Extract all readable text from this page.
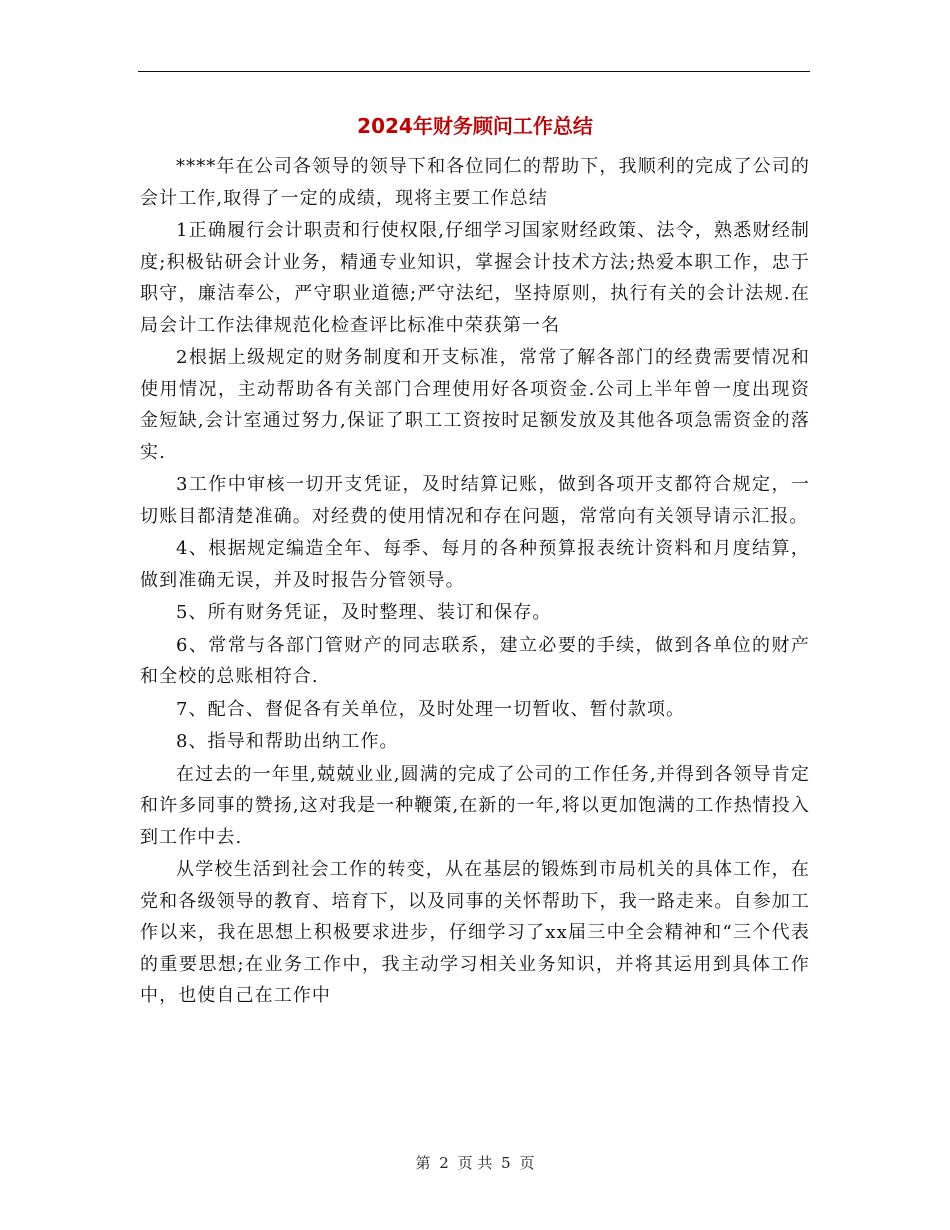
2024年财务顾问工作总结

****年在公司各领导的领导下和各位同仁的帮助下，我顺利的完成了公司的会计工作,取得了一定的成绩，现将主要工作总结

1正确履行会计职责和行使权限,仔细学习国家财经政策、法令，熟悉财经制度;积极钻研会计业务，精通专业知识，掌握会计技术方法;热爱本职工作，忠于职守，廉洁奉公，严守职业道德;严守法纪，坚持原则，执行有关的会计法规.在局会计工作法律规范化检查评比标准中荣获第一名

2根据上级规定的财务制度和开支标准，常常了解各部门的经费需要情况和使用情况，主动帮助各有关部门合理使用好各项资金.公司上半年曾一度出现资金短缺,会计室通过努力,保证了职工工资按时足额发放及其他各项急需资金的落实.

3工作中审核一切开支凭证，及时结算记账，做到各项开支都符合规定，一切账目都清楚准确。对经费的使用情况和存在问题，常常向有关领导请示汇报。

4、根据规定编造全年、每季、每月的各种预算报表统计资料和月度结算，做到准确无误，并及时报告分管领导。

5、所有财务凭证，及时整理、装订和保存。

6、常常与各部门管财产的同志联系，建立必要的手续，做到各单位的财产和全校的总账相符合.

7、配合、督促各有关单位，及时处理一切暂收、暂付款项。

8、指导和帮助出纳工作。

在过去的一年里,兢兢业业,圆满的完成了公司的工作任务,并得到各领导肯定和许多同事的赞扬,这对我是一种鞭策,在新的一年,将以更加饱满的工作热情投入到工作中去.

从学校生活到社会工作的转变，从在基层的锻炼到市局机关的具体工作，在党和各级领导的教育、培育下，以及同事的关怀帮助下，我一路走来。自参加工作以来，我在思想上积极要求进步，仔细学习了xx届三中全会精神和“三个代表的重要思想;在业务工作中，我主动学习相关业务知识，并将其运用到具体工作中，也使自己在工作中

第 2 页 共 5 页
